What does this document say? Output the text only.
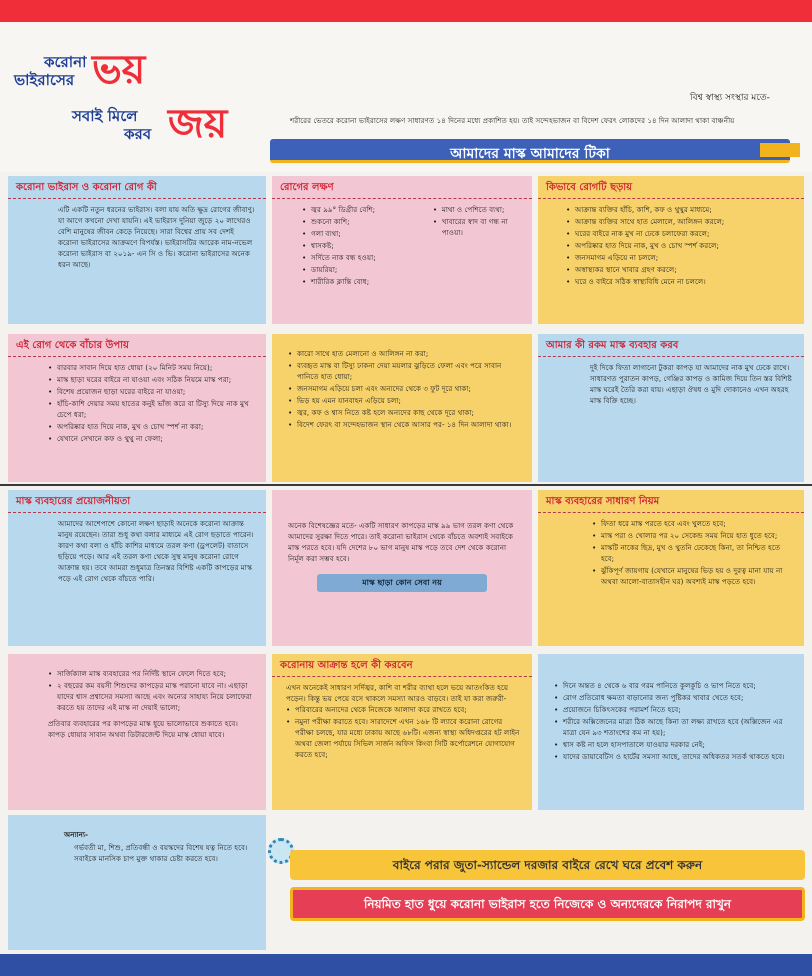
করোনা
ভাইরাসের ভয়
সবাই মিলে
করব জয়
বিশ্ব স্বাস্থ্য সংস্থার মতে-
শরীরের ভেতরে করোনা ভাইরাসের লক্ষণ সাধারণত ১৪ দিনের মধ্যে প্রকাশিত হয়। তাই সন্দেহভাজন বা বিদেশ ফেরৎ লোকদের ১৪ দিন আলাদা থাকা বাঞ্চনীয়
আমাদের মাস্ক আমাদের টিকা
করোনা ভাইরাস ও করোনা রোগ কী
এটি একটি নতুন ধরনের ভাইরাস। বলা যায় অতি ক্ষুদ্র রোগের জীবাণু। যা আগে কখনো দেখা যায়নি। এই ভাইরাস দুনিয়া জুড়ে ২০ লাখেরও বেশি মানুষের জীবন কেড়ে নিয়েছে। সারা বিশ্বের প্রায় সব দেশই করোনা ভাইরাসের আক্রমণে বিপর্যস্ত। ভাইরাসটির আরেক নাম-নভেল করোনা ভাইরাস বা ২০১৯- এন সি ও ভি। করোনা ভাইরাসের অনেক ধরন আছে।
রোগের লক্ষণ
• জ্বর ৯৯° ডিগ্রীর বেশি;
• শুকনো কাশি;
• গলা ব্যথা;
• শ্বাসকষ্ট;
• সর্দিতে নাক বন্ধ হওয়া;
• ডায়রিয়া;
• শারীরিক ক্লান্তি বোধ;
• মাথা ও পেশিতে ব্যথা;
• খাবারের স্বাদ বা গন্ধ না পাওয়া।
কিভাবে রোগটি ছড়ায়
• আক্রান্ত ব্যক্তির হাঁচি, কাশি, কফ ও থুথুর মাধ্যমে;
• আক্রান্ত ব্যক্তির সাথে হাত মেলালে, আলিঙ্গন করলে;
• ঘরের বাইরে নাক মুখ না ঢেকে চলাফেরা করলে;
• অপরিষ্কার হাত দিয়ে নাক, মুখ ও চোখ স্পর্শ করলে;
• জনসমাগম এড়িয়ে না চললে;
• অস্বাস্থ্যকর স্থানে খাবার গ্রহণ করলে;
• ঘরে ও বাইরে সঠিক স্বাস্থ্যবিধি মেনে না চললে।
এই রোগ থেকে বাঁচার উপায়
• বারবার সাবান দিয়ে হাত ধোয়া (২০ মিনিট সময় নিয়ে);
• মাস্ক ছাড়া ঘরের বাইরে না যাওয়া এবং সঠিক নিয়মে মাস্ক পরা;
• বিশেষ প্রয়োজন ছাড়া ঘরের বাইরে না যাওয়া;
• হাঁচি-কাশি দেয়ার সময় হাতের কনুই ভাঁজ করে বা টিস্যু দিয়ে নাক মুখ চেপে ধরা;
• অপরিষ্কার হাত দিয়ে নাক, মুখ ও চোখ স্পর্শ না করা;
• যেখানে সেখানে কফ ও থুথু না ফেলা;
• কারো সাথে হাত মেলানো ও আলিঙ্গন না করা;
• ব্যবহৃত মাস্ক বা টিস্যু ঢাকনা দেয়া ময়লার ঝুড়িতে ফেলা এবং পরে সাবান পানিতে হাত ধোয়া;
• জনসমাগম এড়িয়ে চলা এবং অন্যদের থেকে ৩ ফুট দূরে থাকা;
• ভিড় হয় এমন যানবাহন এড়িয়ে চলা;
• জ্বর, কফ ও শ্বাস নিতে কষ্ট হলে অন্যদের কাছ থেকে দূরে থাকা;
• বিদেশ ফেরৎ বা সন্দেহভাজন স্থান থেকে আসার পর- ১৪ দিন আলাদা থাকা।
আমার কী রকম মাস্ক ব্যবহার করব
দুই দিকে ফিতা লাগানো টুকরা কাপড় যা আমাদের নাক মুখ ঢেকে রাখে। সাধারণত পুরাতন কাপড়, গেঞ্জির কাপড় ও কামিজ দিয়ে তিন স্তর বিশিষ্ট মাস্ক ঘরেই তৈরি করা যায়। এছাড়া ঔষধ ও মুদি দোকানেও এখন অহরহ মাস্ক বিক্রি হচ্ছে।
মাস্ক ব্যবহারের প্রয়োজনীয়তা
আমাদের আশেপাশে কোনো লক্ষণ ছাড়াই অনেকে করোনা আক্রান্ত মানুষ রয়েছেন। তারা শুধু কথা বলার মাধ্যমে এই রোগ ছড়াতে পারেন। কারণ কথা বলা ও হাঁচি কাশির মাধ্যমে তরল কণা (ড্রপলেট) বাতাসে ছড়িয়ে পড়ে। আর এই তরল কণা থেকে সুস্থ মানুষ করোনা রোগে আক্রান্ত হয়। তবে আমরা শুধুমাত্র তিনস্তর বিশিষ্ট একটি কাপড়ের মাস্ক পড়ে এই রোগ থেকে বাঁচতে পারি।
অনেক বিশেষজ্ঞের মতে- একটি সাধারণ কাপড়ের মাস্ক ৯৯ ভাগ তরল কণা থেকে আমাদের সুরক্ষা দিতে পারে। তাই করোনা ভাইরাস থেকে বাঁচতে অবশ্যই সবাইকে মাস্ক পরতে হবে। যদি দেশের ৮০ ভাগ মানুষ মাস্ক পড়ে তবে দেশ থেকে করোনা নির্মূল করা সম্ভব হবে।
মাস্ক ছাড়া কোন সেবা নয়
মাস্ক ব্যবহারের সাধারণ নিয়ম
• ফিতা ধরে মাস্ক পরতে হবে এবং খুলতে হবে;
• মাস্ক পরা ও খোলার পর ২০ সেকেন্ড সময় নিয়ে হাত ধুতে হবে;
• মাস্কটি নাকের ছিদ্র, মুখ ও থুতনি ঢেকেছে কিনা, তা নিশ্চিত হতে হবে;
• ঝুঁকিপূর্ণ জায়গায় (যেখানে মানুষের ভিড় হয় ও দুরত্ব মানা যায় না অথবা আলো-বাতাসহীন ঘর) অবশ্যই মাস্ক পড়তে হবে।
• সার্জিক্যাল মাস্ক ব্যবহারের পর নির্দিষ্ট স্থানে ফেলে দিতে হবে;
• ২ বছরের কম বয়সী শিশুদের কাপড়ের মাস্ক পরানো যাবে না। এছাড়া যাদের শ্বাস প্রশ্বাসের সমস্যা আছে এবং অন্যের সাহায্য নিয়ে চলাফেরা করতে হয় তাদের এই মাস্ক না দেয়াই ভালো;
প্রতিবার ব্যবহারের পর কাপড়ের মাস্ক ধুয়ে ভালোভাবে শুকাতে হবে। কাপড় ধোয়ার সাবান অথবা ডিটারজেন্ট দিয়ে মাস্ক ধোয়া যাবে।
করোনায় আক্রান্ত হলে কী করবেন
এখন অনেকেই সাধারণ সর্দিজ্বর, কাশি বা শরীর ব্যাথা হলে ভয়ে আতংকিত হয়ে পড়েন। কিন্তু ভয় পেয়ে বসে থাকলে সমস্যা আরও বাড়বে। তাই যা করা জরুরী-
• পরিবারের অন্যদের থেকে নিজেকে আলাদা করে রাখতে হবে;
• নমুনা পরীক্ষা করাতে হবে। সারাদেশে এখন ১৬৮ টি ল্যাবে করোনা রোগের পরীক্ষা চলছে, যার মধ্যে ঢাকায় আছে ৬৮টি। এজন্য স্বাস্থ্য অধিদপ্তরের হট লাইন অথবা জেলা পর্যায়ে সিভিল সার্জন অফিস কিংবা সিটি কর্পোরেশনে যোগাযোগ করতে হবে;
• দিনে অন্তত ৪ থেকে ৬ বার গরম পানিতে কুলকুচি ও ভাপ নিতে হবে;
• রোগ প্রতিরোধ ক্ষমতা বাড়ানোর জন্য পুষ্টিকর খাবার খেতে হবে;
• প্রয়োজনে চিকিৎসকের পরামর্শ নিতে হবে;
• শরীরে অক্সিজেনের মাত্রা ঠিক আছে কিনা তা লক্ষ্য রাখতে হবে (অক্সিজেন এর মাত্রা যেন ৯৩ শতাংশের কম না হয়);
• শ্বাস কষ্ট না হলে হাসপাতালে যাওয়ার দরকার নেই;
• যাদের ডায়াবেটিস ও হার্টের সমস্যা আছে, তাদের অধিকতর সতর্ক থাকতে হবে।
অন্যান্য-
গর্ভবতী মা, শিশু, প্রতিবন্ধী ও বয়স্কদের বিশেষ যত্ন নিতে হবে। সবাইকে মানসিক চাপ মুক্ত থাকার চেষ্টা করতে হবে।	বাইরে পরার জুতা-স্যান্ডেল দরজার বাইরে রেখে ঘরে প্রবেশ করুন
নিয়মিত হাত ধুয়ে করোনা ভাইরাস হতে নিজেকে ও অন্যদেরকে নিরাপদ রাখুন
